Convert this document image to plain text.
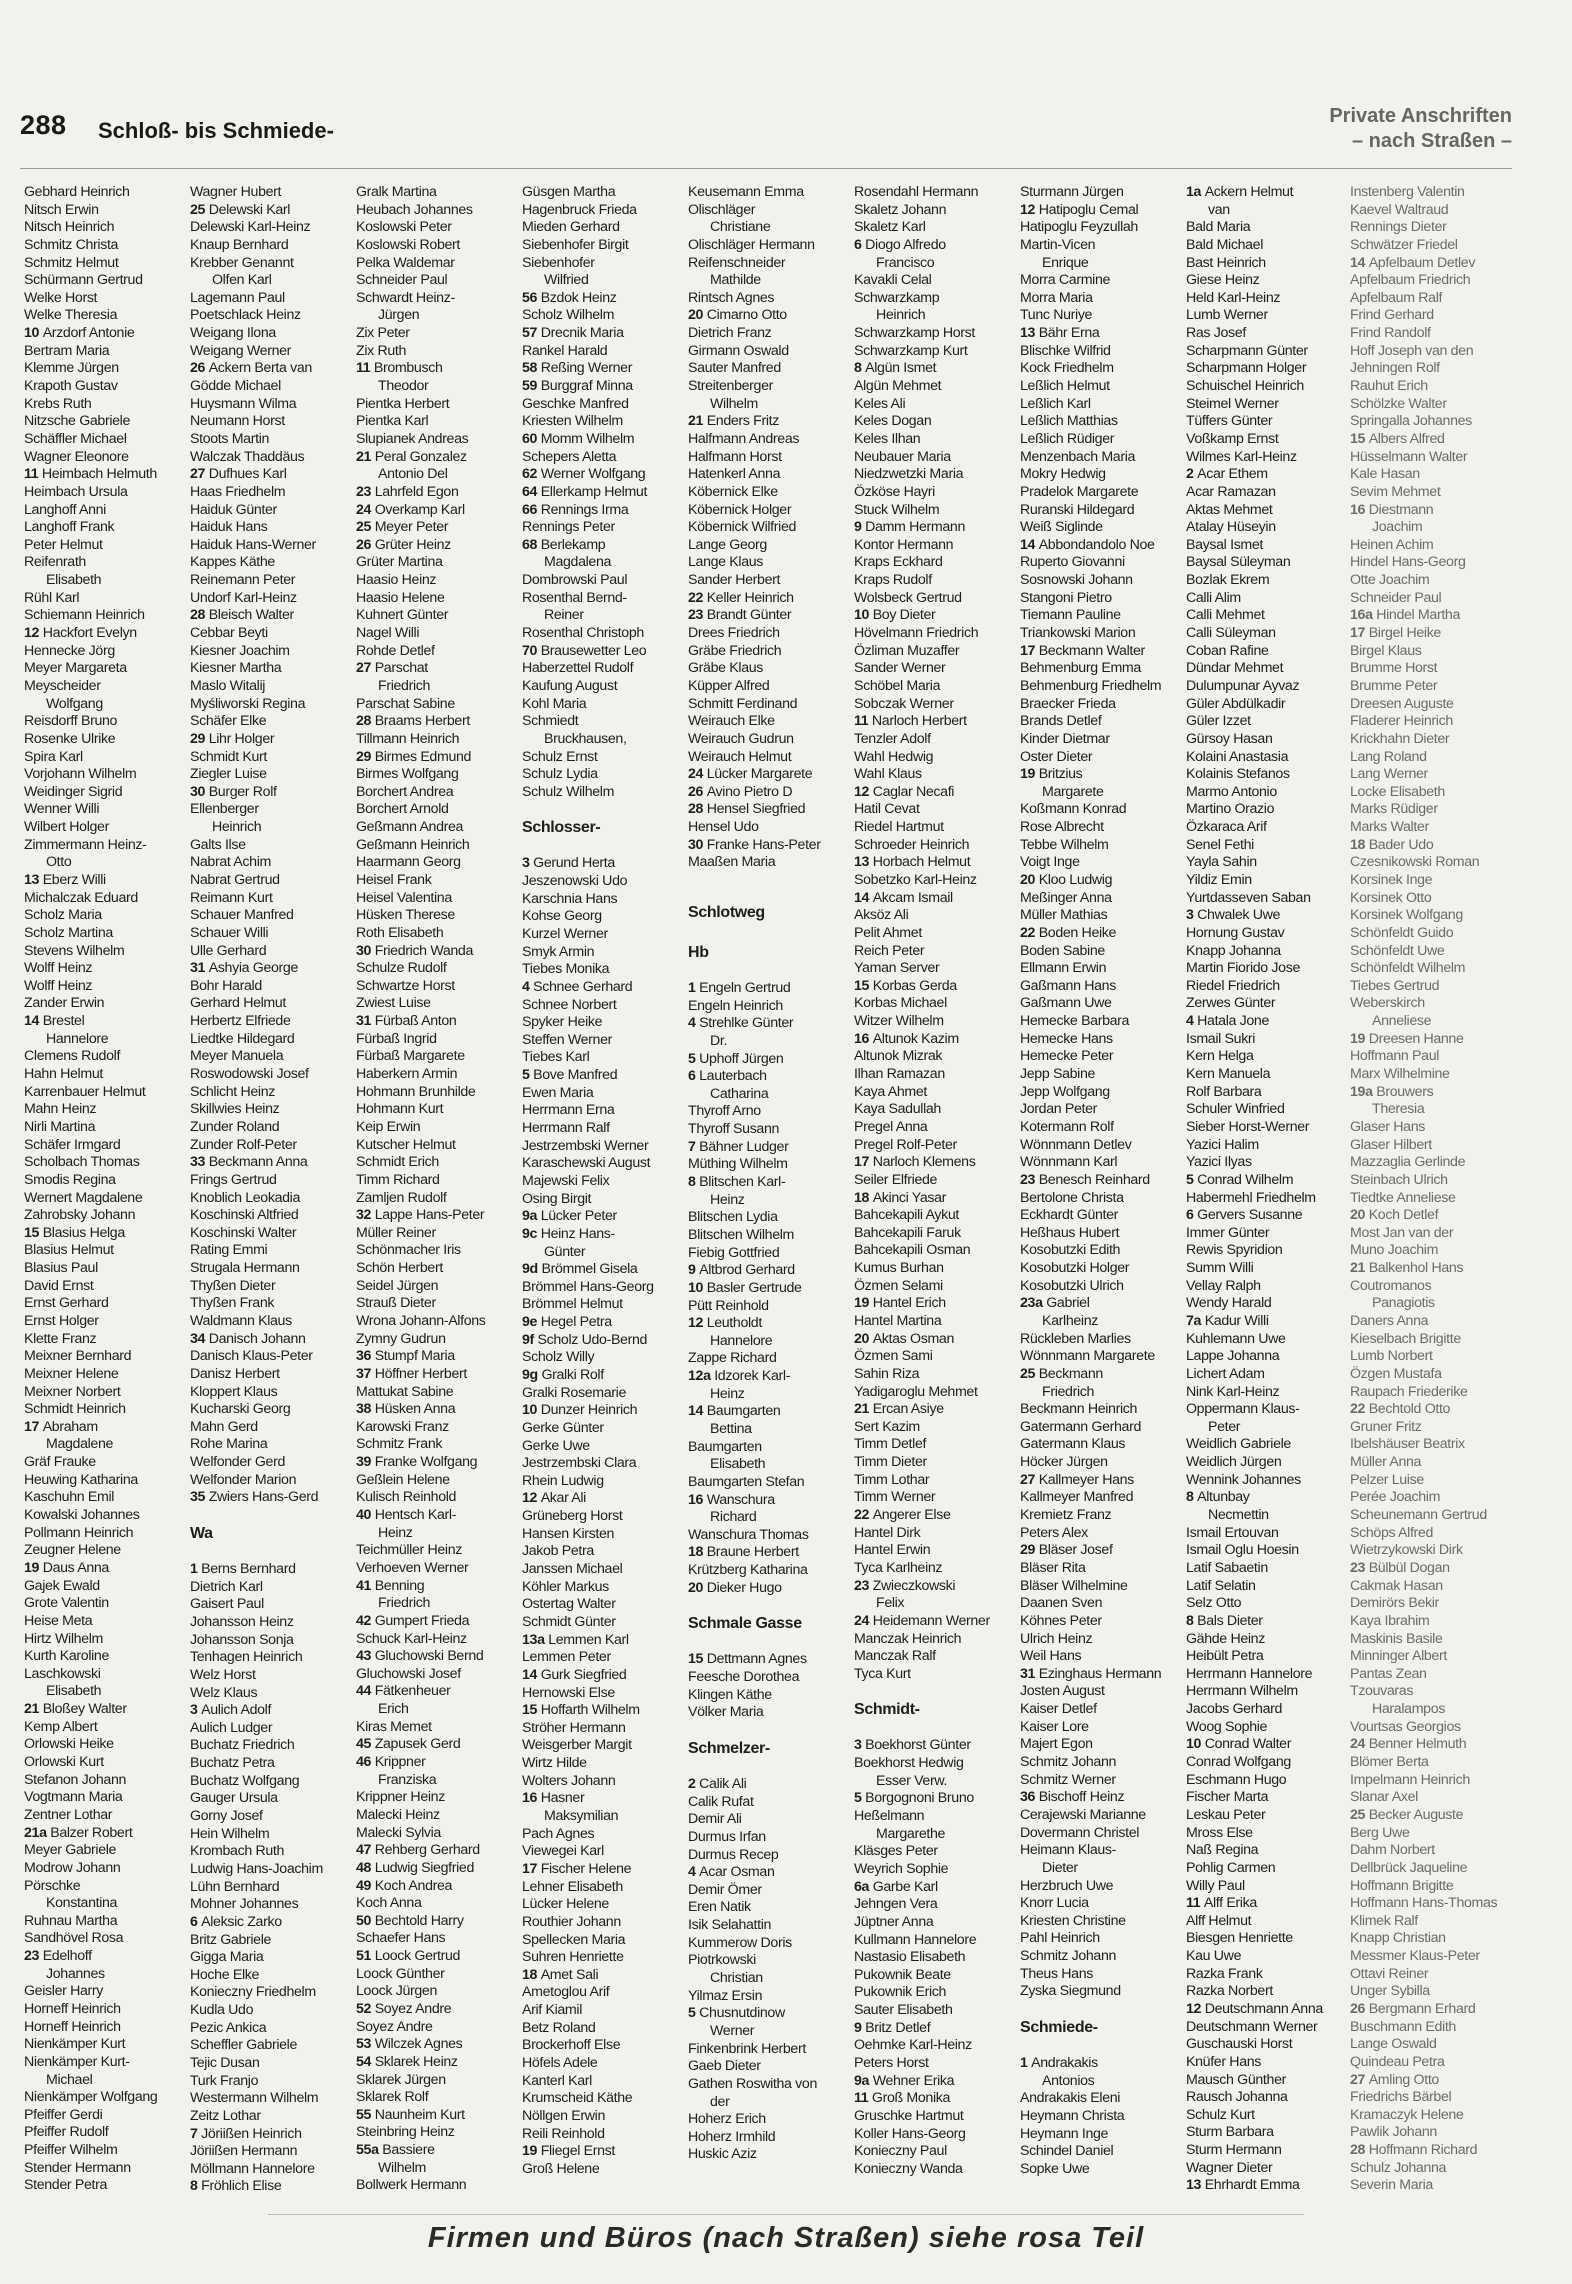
288 Schloß- bis Schmiede-
Private Anschriften
– nach Straßen –
Gebhard Heinrich
Nitsch Erwin
Nitsch Heinrich
Schmitz Christa
Schmitz Helmut
Schürmann Gertrud
Welke Horst
Welke Theresia
10 Arzdorf Antonie
Bertram Maria
Klemme Jürgen
Krapoth Gustav
Krebs Ruth
Nitzsche Gabriele
Schäffler Michael
Wagner Eleonore
11 Heimbach Helmuth
Heimbach Ursula
Langhoff Anni
Langhoff Frank
Peter Helmut
Reifenrath
Elisabeth
Rühl Karl
Schiemann Heinrich
12 Hackfort Evelyn
Hennecke Jörg
Meyer Margareta
Meyscheider
Wolfgang
Reisdorff Bruno
Rosenke Ulrike
Spira Karl
Vorjohann Wilhelm
Weidinger Sigrid
Wenner Willi
Wilbert Holger
Zimmermann Heinz-
Otto
13 Eberz Willi
Michalczak Eduard
Scholz Maria
Scholz Martina
Stevens Wilhelm
Wolff Heinz
Wolff Heinz
Zander Erwin
14 Brestel
Hannelore
Clemens Rudolf
Hahn Helmut
Karrenbauer Helmut
Mahn Heinz
Nirli Martina
Schäfer Irmgard
Scholbach Thomas
Smodis Regina
Wernert Magdalene
Zahrobsky Johann
15 Blasius Helga
Blasius Helmut
Blasius Paul
David Ernst
Ernst Gerhard
Ernst Holger
Klette Franz
Meixner Bernhard
Meixner Helene
Meixner Norbert
Schmidt Heinrich
17 Abraham
Magdalene
Gräf Frauke
Heuwing Katharina
Kaschuhn Emil
Kowalski Johannes
Pollmann Heinrich
Zeugner Helene
19 Daus Anna
Gajek Ewald
Grote Valentin
Heise Meta
Hirtz Wilhelm
Kurth Karoline
Laschkowski
Elisabeth
21 Bloßey Walter
Kemp Albert
Orlowski Heike
Orlowski Kurt
Stefanon Johann
Vogtmann Maria
Zentner Lothar
21a Balzer Robert
Meyer Gabriele
Modrow Johann
Pörschke
Konstantina
Ruhnau Martha
Sandhövel Rosa
23 Edelhoff
Johannes
Geisler Harry
Horneff Heinrich
Horneff Heinrich
Nienkämper Kurt
Nienkämper Kurt-
Michael
Nienkämper Wolfgang
Pfeiffer Gerdi
Pfeiffer Rudolf
Pfeiffer Wilhelm
Stender Hermann
Stender Petra
Wagner Hubert
25 Delewski Karl
Delewski Karl-Heinz
Knaup Bernhard
Krebber Genannt
Olfen Karl
Lagemann Paul
Poetschlack Heinz
Weigang Ilona
Weigang Werner
26 Ackern Berta van
Gödde Michael
Huysmann Wilma
Neumann Horst
Stoots Martin
Walczak Thaddäus
27 Dufhues Karl
Haas Friedhelm
Haiduk Günter
Haiduk Hans
Haiduk Hans-Werner
Kappes Käthe
Reinemann Peter
Undorf Karl-Heinz
28 Bleisch Walter
Cebbar Beyti
Kiesner Joachim
Kiesner Martha
Maslo Witalij
Myśliworski Regina
Schäfer Elke
29 Lihr Holger
Schmidt Kurt
Ziegler Luise
30 Burger Rolf
Ellenberger
Heinrich
Galts Ilse
Nabrat Achim
Nabrat Gertrud
Reimann Kurt
Schauer Manfred
Schauer Willi
Ulle Gerhard
31 Ashyia George
Bohr Harald
Gerhard Helmut
Herbertz Elfriede
Liedtke Hildegard
Meyer Manuela
Roswodowski Josef
Schlicht Heinz
Skillwies Heinz
Zunder Roland
Zunder Rolf-Peter
33 Beckmann Anna
Frings Gertrud
Knoblich Leokadia
Koschinski Altfried
Koschinski Walter
Rating Emmi
Strugala Hermann
Thyßen Dieter
Thyßen Frank
Waldmann Klaus
34 Danisch Johann
Danisch Klaus-Peter
Danisz Herbert
Kloppert Klaus
Kucharski Georg
Mahn Gerd
Rohe Marina
Welfonder Gerd
Welfonder Marion
35 Zwiers Hans-Gerd
Wa
1 Berns Bernhard
Dietrich Karl
Gaisert Paul
Johansson Heinz
Johansson Sonja
Tenhagen Heinrich
Welz Horst
Welz Klaus
3 Aulich Adolf
Aulich Ludger
Buchatz Friedrich
Buchatz Petra
Buchatz Wolfgang
Gauger Ursula
Gorny Josef
Hein Wilhelm
Krombach Ruth
Ludwig Hans-Joachim
Lühn Bernhard
Mohner Johannes
6 Aleksic Zarko
Britz Gabriele
Gigga Maria
Hoche Elke
Konieczny Friedhelm
Kudla Udo
Pezic Ankica
Scheffler Gabriele
Tejic Dusan
Turk Franjo
Westermann Wilhelm
Zeitz Lothar
7 Jöriißen Heinrich
Jöriißen Hermann
Möllmann Hannelore
8 Fröhlich Elise
Gralk Martina
Heubach Johannes
Koslowski Peter
Koslowski Robert
Pelka Waldemar
Schneider Paul
Schwardt Heinz-
Jürgen
Zix Peter
Zix Ruth
11 Brombusch
Theodor
Pientka Herbert
Pientka Karl
Slupianek Andreas
21 Peral Gonzalez
Antonio Del
23 Lahrfeld Egon
24 Overkamp Karl
25 Meyer Peter
26 Grüter Heinz
Grüter Martina
Haasio Heinz
Haasio Helene
Kuhnert Günter
Nagel Willi
Rohde Detlef
27 Parschat
Friedrich
Parschat Sabine
28 Braams Herbert
Tillmann Heinrich
29 Birmes Edmund
Birmes Wolfgang
Borchert Andrea
Borchert Arnold
Geßmann Andrea
Geßmann Heinrich
Haarmann Georg
Heisel Frank
Heisel Valentina
Hüsken Therese
Roth Elisabeth
30 Friedrich Wanda
Schulze Rudolf
Schwartze Horst
Zwiest Luise
31 Fürbaß Anton
Fürbaß Ingrid
Fürbaß Margarete
Haberkern Armin
Hohmann Brunhilde
Hohmann Kurt
Keip Erwin
Kutscher Helmut
Schmidt Erich
Timm Richard
Zamljen Rudolf
32 Lappe Hans-Peter
Müller Reiner
Schönmacher Iris
Schön Herbert
Seidel Jürgen
Strauß Dieter
Wrona Johann-Alfons
Zymny Gudrun
36 Stumpf Maria
37 Höffner Herbert
Mattukat Sabine
38 Hüsken Anna
Karowski Franz
Schmitz Frank
39 Franke Wolfgang
Geßlein Helene
Kulisch Reinhold
40 Hentsch Karl-
Heinz
Teichmüller Heinz
Verhoeven Werner
41 Benning
Friedrich
42 Gumpert Frieda
Schuck Karl-Heinz
43 Gluchowski Bernd
Gluchowski Josef
44 Fätkenheuer
Erich
Kiras Memet
45 Zapusek Gerd
46 Krippner
Franziska
Krippner Heinz
Malecki Heinz
Malecki Sylvia
47 Rehberg Gerhard
48 Ludwig Siegfried
49 Koch Andrea
Koch Anna
50 Bechtold Harry
Schaefer Hans
51 Loock Gertrud
Loock Günther
Loock Jürgen
52 Soyez Andre
Soyez Andre
53 Wilczek Agnes
54 Sklarek Heinz
Sklarek Jürgen
Sklarek Rolf
55 Naunheim Kurt
Steinbring Heinz
55a Bassiere
Wilhelm
Bollwerk Hermann
Güsgen Martha
Hagenbruck Frieda
Mieden Gerhard
Siebenhofer Birgit
Siebenhofer
Wilfried
56 Bzdok Heinz
Scholz Wilhelm
57 Drecnik Maria
Rankel Harald
58 Reßing Werner
59 Burggraf Minna
Geschke Manfred
Kriesten Wilhelm
60 Momm Wilhelm
Schepers Aletta
62 Werner Wolfgang
64 Ellerkamp Helmut
66 Rennings Irma
Rennings Peter
68 Berlekamp
Magdalena
Dombrowski Paul
Rosenthal Bernd-
Reiner
Rosenthal Christoph
70 Brausewetter Leo
Haberzettel Rudolf
Kaufung August
Kohl Maria
Schmiedt
Bruckhausen,
Schulz Ernst
Schulz Lydia
Schulz Wilhelm
Schlosser-
3 Gerund Herta
Jeszenowski Udo
Karschnia Hans
Kohse Georg
Kurzel Werner
Smyk Armin
Tiebes Monika
4 Schnee Gerhard
Schnee Norbert
Spyker Heike
Steffen Werner
Tiebes Karl
5 Bove Manfred
Ewen Maria
Herrmann Erna
Herrmann Ralf
Jestrzembski Werner
Karaschewski August
Majewski Felix
Osing Birgit
9a Lücker Peter
9c Heinz Hans-
Günter
9d Brömmel Gisela
Brömmel Hans-Georg
Brömmel Helmut
9e Hegel Petra
9f Scholz Udo-Bernd
Scholz Willy
9g Gralki Rolf
Gralki Rosemarie
10 Dunzer Heinrich
Gerke Günter
Gerke Uwe
Jestrzembski Clara
Rhein Ludwig
12 Akar Ali
Grüneberg Horst
Hansen Kirsten
Jakob Petra
Janssen Michael
Köhler Markus
Ostertag Walter
Schmidt Günter
13a Lemmen Karl
Lemmen Peter
14 Gurk Siegfried
Hernowski Else
15 Hoffarth Wilhelm
Ströher Hermann
Weisgerber Margit
Wirtz Hilde
Wolters Johann
16 Hasner
Maksymilian
Pach Agnes
Viewegei Karl
17 Fischer Helene
Lehner Elisabeth
Lücker Helene
Routhier Johann
Spellecken Maria
Suhren Henriette
18 Amet Sali
Ametoglou Arif
Arif Kiamil
Betz Roland
Brockerhoff Else
Höfels Adele
Kanterl Karl
Krumscheid Käthe
Nöllgen Erwin
Reili Reinhold
19 Fliegel Ernst
Groß Helene
Keusemann Emma
Olischläger
Christiane
Olischläger Hermann
Reifenschneider
Mathilde
Rintsch Agnes
20 Cimarno Otto
Dietrich Franz
Girmann Oswald
Sauter Manfred
Streitenberger
Wilhelm
21 Enders Fritz
Halfmann Andreas
Halfmann Horst
Hatenkerl Anna
Köbernick Elke
Köbernick Holger
Köbernick Wilfried
Lange Georg
Lange Klaus
Sander Herbert
22 Keller Heinrich
23 Brandt Günter
Drees Friedrich
Gräbe Friedrich
Gräbe Klaus
Küpper Alfred
Schmitt Ferdinand
Weirauch Elke
Weirauch Gudrun
Weirauch Helmut
24 Lücker Margarete
26 Avino Pietro D
28 Hensel Siegfried
Hensel Udo
30 Franke Hans-Peter
Maaßen Maria
Schlotweg
Hb
1 Engeln Gertrud
Engeln Heinrich
4 Strehlke Günter
Dr.
5 Uphoff Jürgen
6 Lauterbach
Catharina
Thyroff Arno
Thyroff Susann
7 Bähner Ludger
Müthing Wilhelm
8 Blitschen Karl-
Heinz
Blitschen Lydia
Blitschen Wilhelm
Fiebig Gottfried
9 Altbrod Gerhard
10 Basler Gertrude
Pütt Reinhold
12 Leutholdt
Hannelore
Zappe Richard
12a Idzorek Karl-
Heinz
14 Baumgarten
Bettina
Baumgarten
Elisabeth
Baumgarten Stefan
16 Wanschura
Richard
Wanschura Thomas
18 Braune Herbert
Krützberg Katharina
20 Dieker Hugo
Schmale Gasse
15 Dettmann Agnes
Feesche Dorothea
Klingen Käthe
Völker Maria
Schmelzer-
2 Calik Ali
Calik Rufat
Demir Ali
Durmus Irfan
Durmus Recep
4 Acar Osman
Demir Ömer
Eren Natik
Isik Selahattin
Kummerow Doris
Piotrkowski
Christian
Yilmaz Ersin
5 Chusnutdinow
Werner
Finkenbrink Herbert
Gaeb Dieter
Gathen Roswitha von
der
Hoherz Erich
Hoherz Irmhild
Huskic Aziz
Rosendahl Hermann
Skaletz Johann
Skaletz Karl
6 Diogo Alfredo
Francisco
Kavakli Celal
Schwarzkamp
Heinrich
Schwarzkamp Horst
Schwarzkamp Kurt
8 Algün Ismet
Algün Mehmet
Keles Ali
Keles Dogan
Keles Ilhan
Neubauer Maria
Niedzwetzki Maria
Özköse Hayri
Stuck Wilhelm
9 Damm Hermann
Kontor Hermann
Kraps Eckhard
Kraps Rudolf
Wolsbeck Gertrud
10 Boy Dieter
Hövelmann Friedrich
Özliman Muzaffer
Sander Werner
Schöbel Maria
Sobczak Werner
11 Narloch Herbert
Tenzler Adolf
Wahl Hedwig
Wahl Klaus
12 Caglar Necafi
Hatil Cevat
Riedel Hartmut
Schroeder Heinrich
13 Horbach Helmut
Sobetzko Karl-Heinz
14 Akcam Ismail
Aksöz Ali
Pelit Ahmet
Reich Peter
Yaman Server
15 Korbas Gerda
Korbas Michael
Witzer Wilhelm
16 Altunok Kazim
Altunok Mizrak
Ilhan Ramazan
Kaya Ahmet
Kaya Sadullah
Pregel Anna
Pregel Rolf-Peter
17 Narloch Klemens
Seiler Elfriede
18 Akinci Yasar
Bahcekapili Aykut
Bahcekapili Faruk
Bahcekapili Osman
Kumus Burhan
Özmen Selami
19 Hantel Erich
Hantel Martina
20 Aktas Osman
Özmen Sami
Sahin Riza
Yadigaroglu Mehmet
21 Ercan Asiye
Sert Kazim
Timm Detlef
Timm Dieter
Timm Lothar
Timm Werner
22 Angerer Else
Hantel Dirk
Hantel Erwin
Tyca Karlheinz
23 Zwieczkowski
Felix
24 Heidemann Werner
Manczak Heinrich
Manczak Ralf
Tyca Kurt
Schmidt-
3 Boekhorst Günter
Boekhorst Hedwig
Esser Verw.
5 Borgognoni Bruno
Heßelmann
Margarethe
Kläsges Peter
Weyrich Sophie
6a Garbe Karl
Jehngen Vera
Jüptner Anna
Kullmann Hannelore
Nastasio Elisabeth
Pukownik Beate
Pukownik Erich
Sauter Elisabeth
9 Britz Detlef
Oehmke Karl-Heinz
Peters Horst
9a Wehner Erika
11 Groß Monika
Gruschke Hartmut
Koller Hans-Georg
Konieczny Paul
Konieczny Wanda
Sturmann Jürgen
12 Hatipoglu Cemal
Hatipoglu Feyzullah
Martin-Vicen
Enrique
Morra Carmine
Morra Maria
Tunc Nuriye
13 Bähr Erna
Blischke Wilfrid
Kock Friedhelm
Leßlich Helmut
Leßlich Karl
Leßlich Matthias
Leßlich Rüdiger
Menzenbach Maria
Mokry Hedwig
Pradelok Margarete
Ruranski Hildegard
Weiß Siglinde
14 Abbondandolo Noe
Ruperto Giovanni
Sosnowski Johann
Stangoni Pietro
Tiemann Pauline
Triankowski Marion
17 Beckmann Walter
Behmenburg Emma
Behmenburg Friedhelm
Braecker Frieda
Brands Detlef
Kinder Dietmar
Oster Dieter
19 Britzius
Margarete
Koßmann Konrad
Rose Albrecht
Tebbe Wilhelm
Voigt Inge
20 Kloo Ludwig
Meßinger Anna
Müller Mathias
22 Boden Heike
Boden Sabine
Ellmann Erwin
Gaßmann Hans
Gaßmann Uwe
Hemecke Barbara
Hemecke Hans
Hemecke Peter
Jepp Sabine
Jepp Wolfgang
Jordan Peter
Kotermann Rolf
Wönnmann Detlev
Wönnmann Karl
23 Benesch Reinhard
Bertolone Christa
Eckhardt Günter
Heßhaus Hubert
Kosobutzki Edith
Kosobutzki Holger
Kosobutzki Ulrich
23a Gabriel
Karlheinz
Rückleben Marlies
Wönnmann Margarete
25 Beckmann
Friedrich
Beckmann Heinrich
Gatermann Gerhard
Gatermann Klaus
Höcker Jürgen
27 Kallmeyer Hans
Kallmeyer Manfred
Kremietz Franz
Peters Alex
29 Bläser Josef
Bläser Rita
Bläser Wilhelmine
Daanen Sven
Köhnes Peter
Ulrich Heinz
Weil Hans
31 Ezinghaus Hermann
Josten August
Kaiser Detlef
Kaiser Lore
Majert Egon
Schmitz Johann
Schmitz Werner
36 Bischoff Heinz
Cerajewski Marianne
Dovermann Christel
Heimann Klaus-
Dieter
Herzbruch Uwe
Knorr Lucia
Kriesten Christine
Pahl Heinrich
Schmitz Johann
Theus Hans
Zyska Siegmund
Schmiede-
1 Andrakakis
Antonios
Andrakakis Eleni
Heymann Christa
Heymann Inge
Schindel Daniel
Sopke Uwe
1a Ackern Helmut
van
Bald Maria
Bald Michael
Bast Heinrich
Giese Heinz
Held Karl-Heinz
Lumb Werner
Ras Josef
Scharpmann Günter
Scharpmann Holger
Schuischel Heinrich
Steimel Werner
Tüffers Günter
Voßkamp Ernst
Wilmes Karl-Heinz
2 Acar Ethem
Acar Ramazan
Aktas Mehmet
Atalay Hüseyin
Baysal Ismet
Baysal Süleyman
Bozlak Ekrem
Calli Alim
Calli Mehmet
Calli Süleyman
Coban Rafine
Dündar Mehmet
Dulumpunar Ayvaz
Güler Abdülkadir
Güler Izzet
Gürsoy Hasan
Kolaini Anastasia
Kolainis Stefanos
Marmo Antonio
Martino Orazio
Özkaraca Arif
Senel Fethi
Yayla Sahin
Yildiz Emin
Yurtdasseven Saban
3 Chwalek Uwe
Hornung Gustav
Knapp Johanna
Martin Fiorido Jose
Riedel Friedrich
Zerwes Günter
4 Hatala Jone
Ismail Sukri
Kern Helga
Kern Manuela
Rolf Barbara
Schuler Winfried
Sieber Horst-Werner
Yazici Halim
Yazici Ilyas
5 Conrad Wilhelm
Habermehl Friedhelm
6 Gervers Susanne
Immer Günter
Rewis Spyridion
Summ Willi
Vellay Ralph
Wendy Harald
7a Kadur Willi
Kuhlemann Uwe
Lappe Johanna
Lichert Adam
Nink Karl-Heinz
Oppermann Klaus-
Peter
Weidlich Gabriele
Weidlich Jürgen
Wennink Johannes
8 Altunbay
Necmettin
Ismail Ertouvan
Ismail Oglu Hoesin
Latif Sabaetin
Latif Selatin
Selz Otto
8 Bals Dieter
Gähde Heinz
Heibült Petra
Herrmann Hannelore
Herrmann Wilhelm
Jacobs Gerhard
Woog Sophie
10 Conrad Walter
Conrad Wolfgang
Eschmann Hugo
Fischer Marta
Leskau Peter
Mross Else
Naß Regina
Pohlig Carmen
Willy Paul
11 Alff Erika
Alff Helmut
Biesgen Henriette
Kau Uwe
Razka Frank
Razka Norbert
12 Deutschmann Anna
Deutschmann Werner
Guschauski Horst
Knüfer Hans
Mausch Günther
Rausch Johanna
Schulz Kurt
Sturm Barbara
Sturm Hermann
Wagner Dieter
13 Ehrhardt Emma
Instenberg Valentin
Kaevel Waltraud
Rennings Dieter
Schwätzer Friedel
14 Apfelbaum Detlev
Apfelbaum Friedrich
Apfelbaum Ralf
Frind Gerhard
Frind Randolf
Hoff Joseph van den
Jehningen Rolf
Rauhut Erich
Schölzke Walter
Springalla Johannes
15 Albers Alfred
Hüsselmann Walter
Kale Hasan
Sevim Mehmet
16 Diestmann
Joachim
Heinen Achim
Hindel Hans-Georg
Otte Joachim
Schneider Paul
16a Hindel Martha
17 Birgel Heike
Birgel Klaus
Brumme Horst
Brumme Peter
Dreesen Auguste
Fladerer Heinrich
Krickhahn Dieter
Lang Roland
Lang Werner
Locke Elisabeth
Marks Rüdiger
Marks Walter
18 Bader Udo
Czesnikowski Roman
Korsinek Inge
Korsinek Otto
Korsinek Wolfgang
Schönfeldt Guido
Schönfeldt Uwe
Schönfeldt Wilhelm
Tiebes Gertrud
Weberskirch
Anneliese
19 Dreesen Hanne
Hoffmann Paul
Marx Wilhelmine
19a Brouwers
Theresia
Glaser Hans
Glaser Hilbert
Mazzaglia Gerlinde
Steinbach Ulrich
Tiedtke Anneliese
20 Koch Detlef
Most Jan van der
Muno Joachim
21 Balkenhol Hans
Coutromanos
Panagiotis
Daners Anna
Kieselbach Brigitte
Lumb Norbert
Özgen Mustafa
Raupach Friederike
22 Bechtold Otto
Gruner Fritz
Ibelshäuser Beatrix
Müller Anna
Pelzer Luise
Perée Joachim
Scheunemann Gertrud
Schöps Alfred
Wietrzykowski Dirk
23 Bülbül Dogan
Cakmak Hasan
Demirörs Bekir
Kaya Ibrahim
Maskinis Basile
Minninger Albert
Pantas Zean
Tzouvaras
Haralampos
Vourtsas Georgios
24 Benner Helmuth
Blömer Berta
Impelmann Heinrich
Slanar Axel
25 Becker Auguste
Berg Uwe
Dahm Norbert
Dellbrück Jaqueline
Hoffmann Brigitte
Hoffmann Hans-Thomas
Klimek Ralf
Knapp Christian
Messmer Klaus-Peter
Ottavi Reiner
Unger Sybilla
26 Bergmann Erhard
Buschmann Edith
Lange Oswald
Quindeau Petra
27 Amling Otto
Friedrichs Bärbel
Kramaczyk Helene
Pawlik Johann
28 Hoffmann Richard
Schulz Johanna
Severin Maria
Firmen und Büros (nach Straßen) siehe rosa Teil
